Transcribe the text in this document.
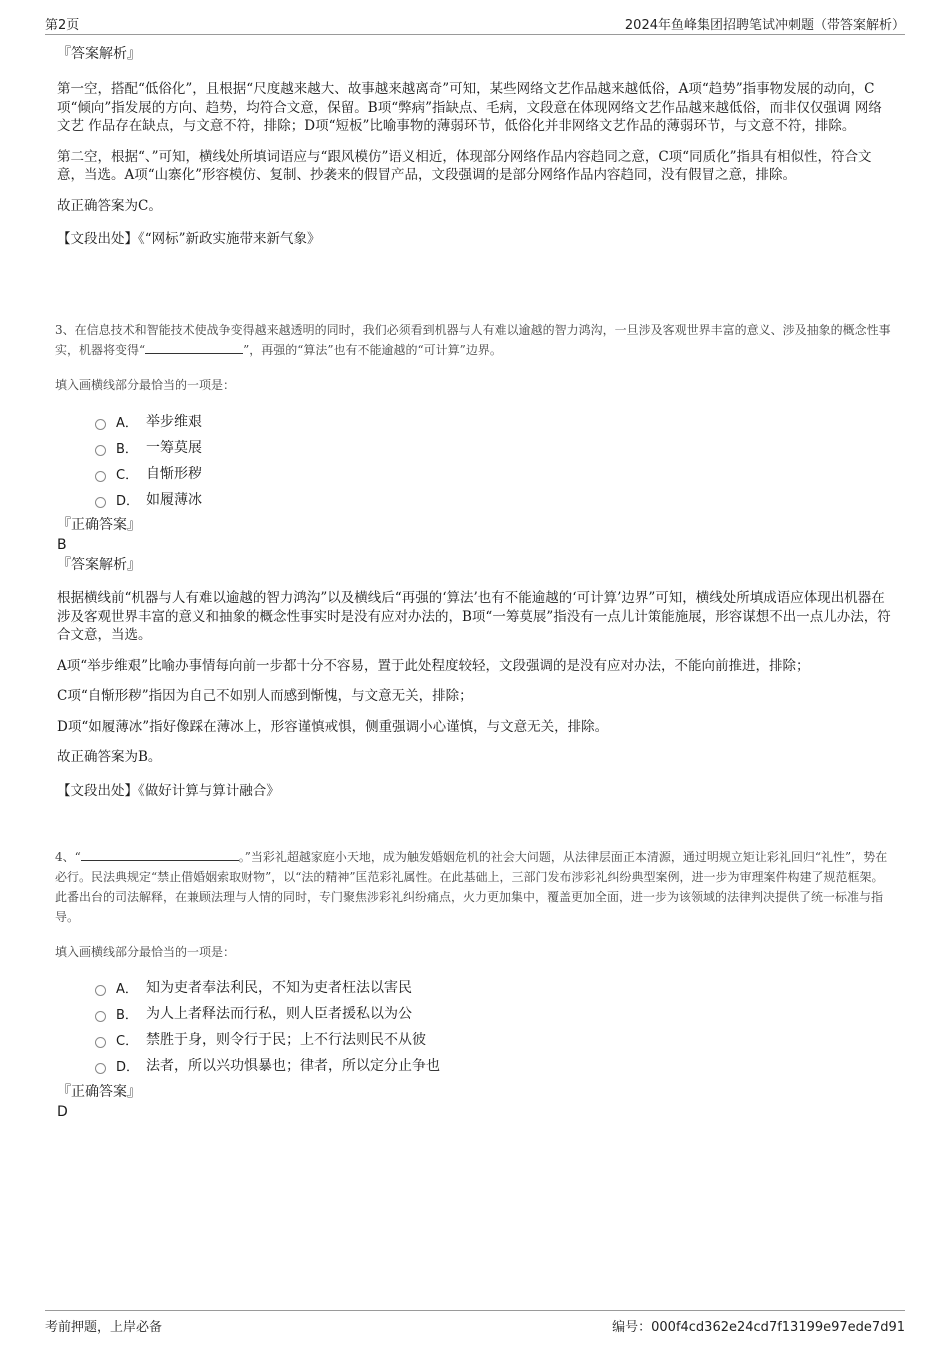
第2页	2024年鱼峰集团招聘笔试冲刺题（带答案解析）

『答案解析』

第一空，搭配“低俗化”，且根据“尺度越来越大、故事越来越离奇”可知，某些网络文艺作品越来越低俗，A项“趋势”指事物发展的动向，C项“倾向”指发展的方向、趋势，均符合文意，保留。B项“弊病”指缺点、毛病，文段意在体现网络文艺作品越来越低俗，而非仅仅强调 网络文艺 作品存在缺点，与文意不符，排除；D项“短板”比喻事物的薄弱环节，低俗化并非网络文艺作品的薄弱环节，与文意不符，排除。

第二空，根据“、”可知，横线处所填词语应与“跟风模仿”语义相近，体现部分网络作品内容趋同之意，C项“同质化”指具有相似性，符合文意，当选。A项“山寨化”形容模仿、复制、抄袭来的假冒产品，文段强调的是部分网络作品内容趋同，没有假冒之意，排除。

故正确答案为C。

【文段出处】《“网标”新政实施带来新气象》

3、在信息技术和智能技术使战争变得越来越透明的同时，我们必须看到机器与人有难以逾越的智力鸿沟，一旦涉及客观世界丰富的意义、涉及抽象的概念性事实，机器将变得“	”，再强的“算法”也有不能逾越的“可计算”边界。
填入画横线部分最恰当的一项是：
A． 举步维艰
B． 一筹莫展
C． 自惭形秽
D． 如履薄冰

『正确答案』

B

『答案解析』

根据横线前“机器与人有难以逾越的智力鸿沟”以及横线后“再强的‘算法’也有不能逾越的‘可计算’边界”可知，横线处所填成语应体现出机器在涉及客观世界丰富的意义和抽象的概念性事实时是没有应对办法的，B项“一筹莫展”指没有一点儿计策能施展，形容谋想不出一点儿办法，符合文意，当选。

A项“举步维艰”比喻办事情每向前一步都十分不容易，置于此处程度较轻，文段强调的是没有应对办法，不能向前推进，排除；

C项“自惭形秽”指因为自己不如别人而感到惭愧，与文意无关，排除；

D项“如履薄冰”指好像踩在薄冰上，形容谨慎戒惧，侧重强调小心谨慎，与文意无关，排除。

故正确答案为B。

【文段出处】《做好计算与算计融合》

4、“	。”当彩礼超越家庭小天地，成为触发婚姻危机的社会大问题，从法律层面正本清源，通过明规立矩让彩礼回归“礼性”，势在必行。民法典规定“禁止借婚姻索取财物”，以“法的精神”匡范彩礼属性。在此基础上，三部门发布涉彩礼纠纷典型案例，进一步为审理案件构建了规范框架。此番出台的司法解释，在兼顾法理与人情的同时，专门聚焦涉彩礼纠纷痛点，火力更加集中，覆盖更加全面，进一步为该领域的法律判决提供了统一标准与指导。
填入画横线部分最恰当的一项是：
A． 知为吏者奉法利民，不知为吏者枉法以害民
B． 为人上者释法而行私，则人臣者援私以为公
C． 禁胜于身，则令行于民；上不行法则民不从彼
D． 法者，所以兴功惧暴也；律者，所以定分止争也

『正确答案』

D

考前押题，上岸必备	编号：000f4cd362e24cd7f13199e97ede7d91
